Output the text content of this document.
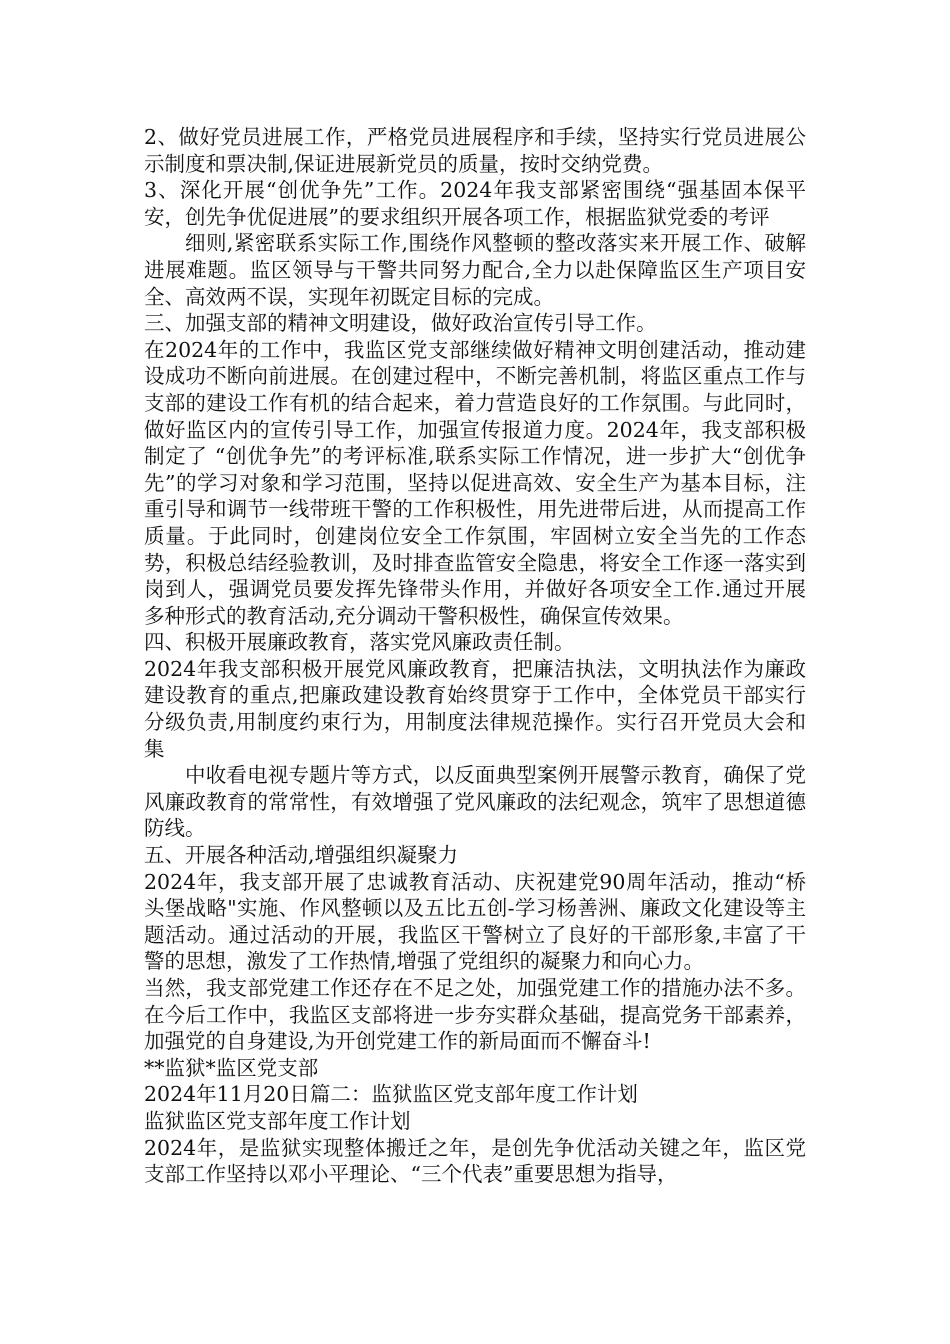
2、做好党员进展工作，严格党员进展程序和手续，坚持实行党员进展公示制度和票决制,保证进展新党员的质量，按时交纳党费。

3、深化开展“创优争先”工作。2024年我支部紧密围绕“强基固本保平安，创先争优促进展”的要求组织开展各项工作，根据监狱党委的考评

细则,紧密联系实际工作,围绕作风整顿的整改落实来开展工作、破解进展难题。监区领导与干警共同努力配合,全力以赴保障监区生产项目安全、高效两不误，实现年初既定目标的完成。

三、加强支部的精神文明建设，做好政治宣传引导工作。

在2024年的工作中，我监区党支部继续做好精神文明创建活动，推动建设成功不断向前进展。在创建过程中，不断完善机制，将监区重点工作与支部的建设工作有机的结合起来，着力营造良好的工作氛围。与此同时，做好监区内的宣传引导工作，加强宣传报道力度。2024年，我支部积极制定了 “创优争先”的考评标准,联系实际工作情况，进一步扩大“创优争先”的学习对象和学习范围，坚持以促进高效、安全生产为基本目标，注重引导和调节一线带班干警的工作积极性，用先进带后进，从而提高工作质量。于此同时，创建岗位安全工作氛围，牢固树立安全当先的工作态势，积极总结经验教训，及时排查监管安全隐患，将安全工作逐一落实到岗到人，强调党员要发挥先锋带头作用，并做好各项安全工作.通过开展多种形式的教育活动,充分调动干警积极性，确保宣传效果。

四、积极开展廉政教育，落实党风廉政责任制。

2024年我支部积极开展党风廉政教育，把廉洁执法，文明执法作为廉政建设教育的重点,把廉政建设教育始终贯穿于工作中，全体党员干部实行分级负责,用制度约束行为，用制度法律规范操作。实行召开党员大会和集

中收看电视专题片等方式，以反面典型案例开展警示教育，确保了党风廉政教育的常常性，有效增强了党风廉政的法纪观念，筑牢了思想道德防线。

五、开展各种活动,增强组织凝聚力

2024年，我支部开展了忠诚教育活动、庆祝建党90周年活动，推动“桥头堡战略"实施、作风整顿以及五比五创-学习杨善洲、廉政文化建设等主题活动。通过活动的开展，我监区干警树立了良好的干部形象,丰富了干警的思想，激发了工作热情,增强了党组织的凝聚力和向心力。

当然，我支部党建工作还存在不足之处，加强党建工作的措施办法不多。在今后工作中，我监区支部将进一步夯实群众基础，提高党务干部素养，加强党的自身建设,为开创党建工作的新局面而不懈奋斗!

**监狱*监区党支部

2024年11月20日篇二：监狱监区党支部年度工作计划

监狱监区党支部年度工作计划

2024年，是监狱实现整体搬迁之年，是创先争优活动关键之年，监区党支部工作坚持以邓小平理论、“三个代表”重要思想为指导，
